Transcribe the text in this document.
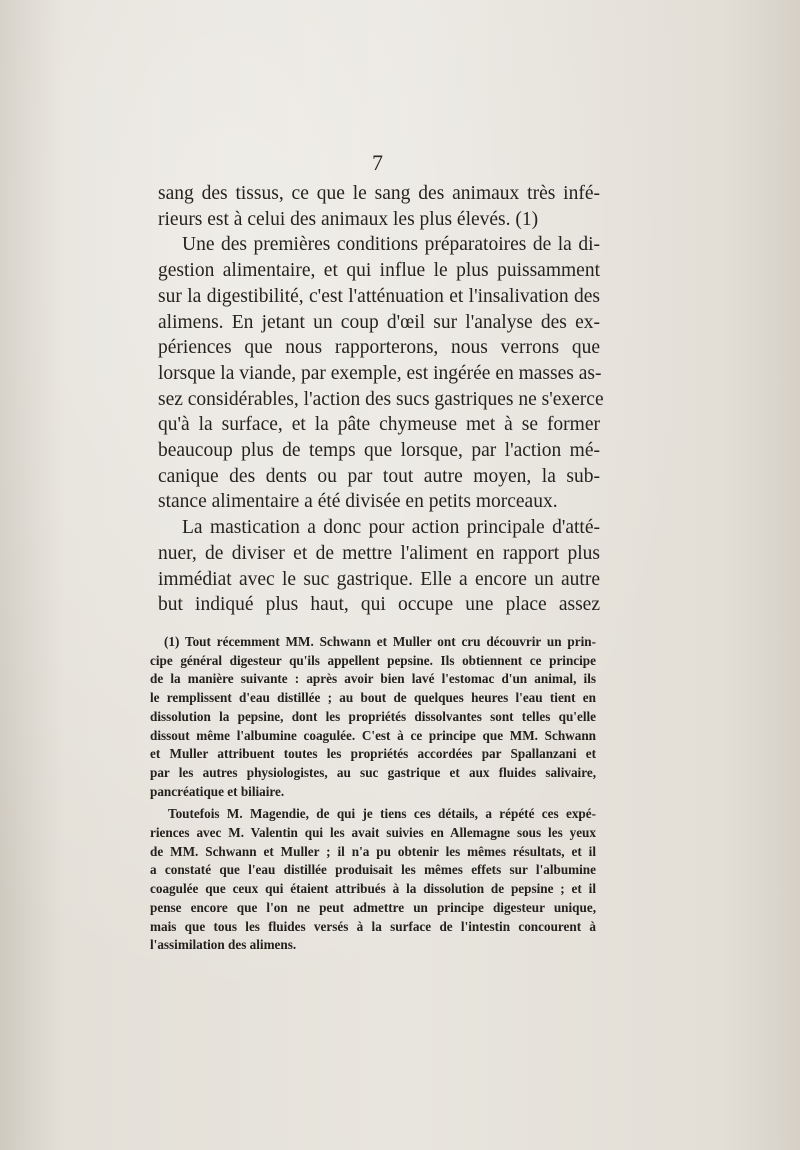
7
sang des tissus, ce que le sang des animaux très infé-
rieurs est à celui des animaux les plus élevés. (1)
Une des premières conditions préparatoires de la di-
gestion alimentaire, et qui influe le plus puissamment
sur la digestibilité, c'est l'atténuation et l'insalivation des
alimens. En jetant un coup d'œil sur l'analyse des ex-
périences que nous rapporterons, nous verrons que
lorsque la viande, par exemple, est ingérée en masses as-
sez considérables, l'action des sucs gastriques ne s'exerce
qu'à la surface, et la pâte chymeuse met à se former
beaucoup plus de temps que lorsque, par l'action mé-
canique des dents ou par tout autre moyen, la sub-
stance alimentaire a été divisée en petits morceaux.
La mastication a donc pour action principale d'atté-
nuer, de diviser et de mettre l'aliment en rapport plus
immédiat avec le suc gastrique. Elle a encore un autre
but indiqué plus haut, qui occupe une place assez
(1) Tout récemment MM. Schwann et Muller ont cru découvrir un prin-
cipe général digesteur qu'ils appellent pepsine. Ils obtiennent ce principe
de la manière suivante : après avoir bien lavé l'estomac d'un animal, ils
le remplissent d'eau distillée ; au bout de quelques heures l'eau tient en
dissolution la pepsine, dont les propriétés dissolvantes sont telles qu'elle
dissout même l'albumine coagulée. C'est à ce principe que MM. Schwann
et Muller attribuent toutes les propriétés accordées par Spallanzani et
par les autres physiologistes, au suc gastrique et aux fluides salivaire,
pancréatique et biliaire.
Toutefois M. Magendie, de qui je tiens ces détails, a répété ces expé-
riences avec M. Valentin qui les avait suivies en Allemagne sous les yeux
de MM. Schwann et Muller ; il n'a pu obtenir les mêmes résultats, et il
a constaté que l'eau distillée produisait les mêmes effets sur l'albumine
coagulée que ceux qui étaient attribués à la dissolution de pepsine ; et il
pense encore que l'on ne peut admettre un principe digesteur unique,
mais que tous les fluides versés à la surface de l'intestin concourent à
l'assimilation des alimens.
